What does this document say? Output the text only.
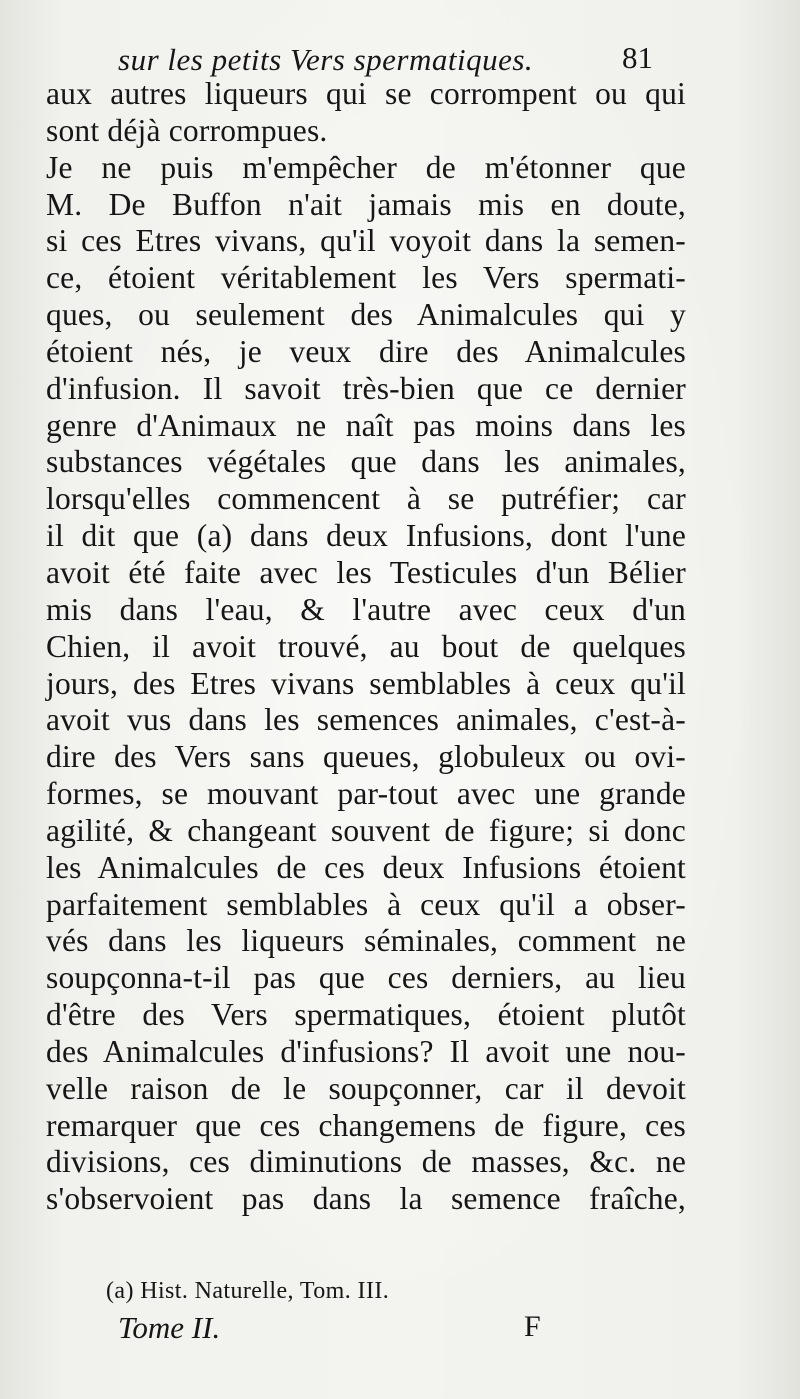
sur les petits Vers spermatiques.	81
aux autres liqueurs qui se corrompent ou qui
sont déjà corrompues.
Je ne puis m'empêcher de m'étonner que
M. De Buffon n'ait jamais mis en doute,
si ces Etres vivans, qu'il voyoit dans la semen-
ce, étoient véritablement les Vers spermati-
ques, ou seulement des Animalcules qui y
étoient nés, je veux dire des Animalcules
d'infusion. Il savoit très-bien que ce dernier
genre d'Animaux ne naît pas moins dans les
substances végétales que dans les animales,
lorsqu'elles commencent à se putréfier; car
il dit que (a) dans deux Infusions, dont l'une
avoit été faite avec les Testicules d'un Bélier
mis dans l'eau, & l'autre avec ceux d'un
Chien, il avoit trouvé, au bout de quelques
jours, des Etres vivans semblables à ceux qu'il
avoit vus dans les semences animales, c'est-à-
dire des Vers sans queues, globuleux ou ovi-
formes, se mouvant par-tout avec une grande
agilité, & changeant souvent de figure; si donc
les Animalcules de ces deux Infusions étoient
parfaitement semblables à ceux qu'il a obser-
vés dans les liqueurs séminales, comment ne
soupçonna-t-il pas que ces derniers, au lieu
d'être des Vers spermatiques, étoient plutôt
des Animalcules d'infusions? Il avoit une nou-
velle raison de le soupçonner, car il devoit
remarquer que ces changemens de figure, ces
divisions, ces diminutions de masses, &c. ne
s'observoient pas dans la semence fraîche,
(a) Hist. Naturelle, Tom. III.
Tome II.	F
